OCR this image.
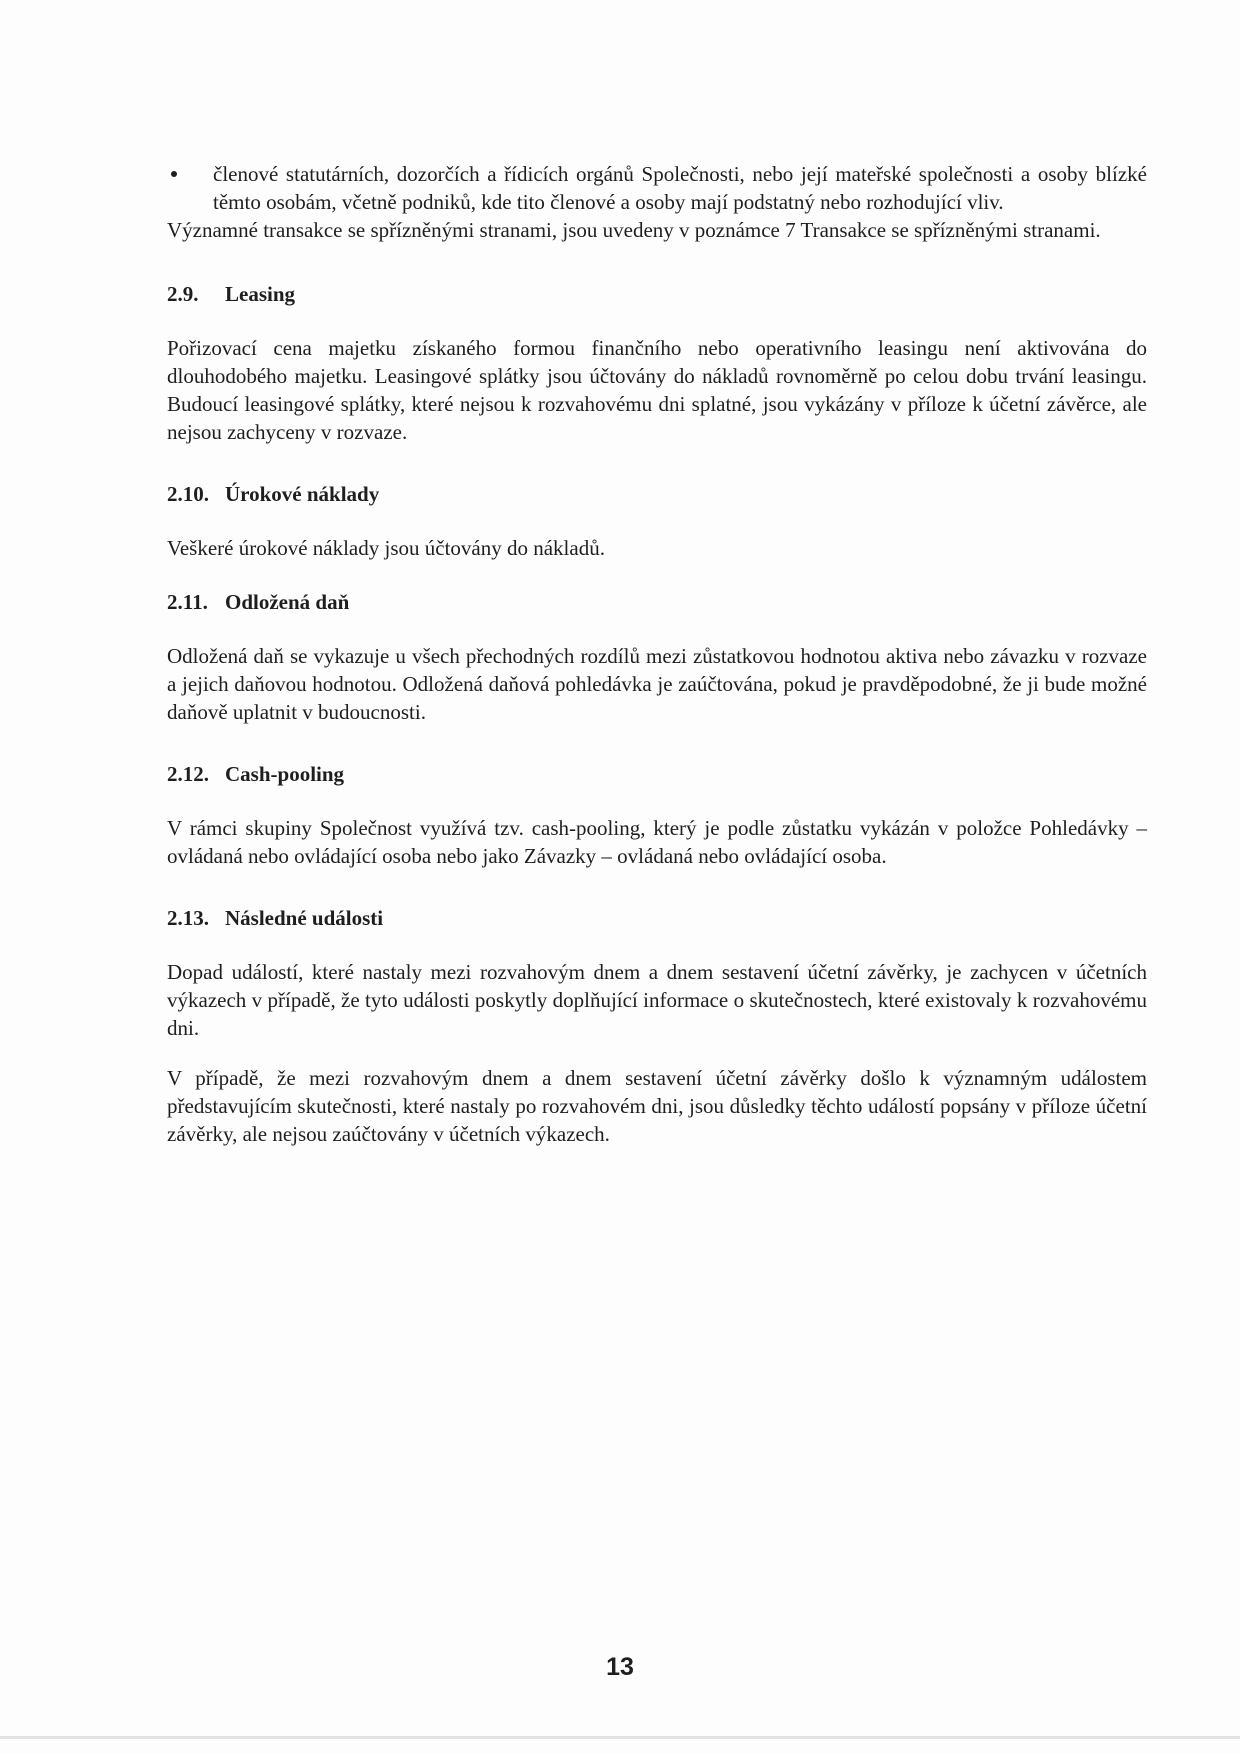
členové statutárních, dozorčích a řídicích orgánů Společnosti, nebo její mateřské společnosti a osoby blízké těmto osobám, včetně podniků, kde tito členové a osoby mají podstatný nebo rozhodující vliv.

Významné transakce se spřízněnými stranami, jsou uvedeny v poznámce 7 Transakce se spřízněnými stranami.

2.9. Leasing

Pořizovací cena majetku získaného formou finančního nebo operativního leasingu není aktivována do dlouhodobého majetku. Leasingové splátky jsou účtovány do nákladů rovnoměrně po celou dobu trvání leasingu. Budoucí leasingové splátky, které nejsou k rozvahovému dni splatné, jsou vykázány v příloze k účetní závěrce, ale nejsou zachyceny v rozvaze.

2.10. Úrokové náklady

Veškeré úrokové náklady jsou účtovány do nákladů.

2.11. Odložená daň

Odložená daň se vykazuje u všech přechodných rozdílů mezi zůstatkovou hodnotou aktiva nebo závazku v rozvaze a jejich daňovou hodnotou. Odložená daňová pohledávka je zaúčtována, pokud je pravděpodobné, že ji bude možné daňově uplatnit v budoucnosti.

2.12. Cash-pooling

V rámci skupiny Společnost využívá tzv. cash-pooling, který je podle zůstatku vykázán v položce Pohledávky – ovládaná nebo ovládající osoba nebo jako Závazky – ovládaná nebo ovládající osoba.

2.13. Následné události

Dopad událostí, které nastaly mezi rozvahovým dnem a dnem sestavení účetní závěrky, je zachycen v účetních výkazech v případě, že tyto události poskytly doplňující informace o skutečnostech, které existovaly k rozvahovému dni.

V případě, že mezi rozvahovým dnem a dnem sestavení účetní závěrky došlo k významným událostem představujícím skutečnosti, které nastaly po rozvahovém dni, jsou důsledky těchto událostí popsány v příloze účetní závěrky, ale nejsou zaúčtovány v účetních výkazech.

13
